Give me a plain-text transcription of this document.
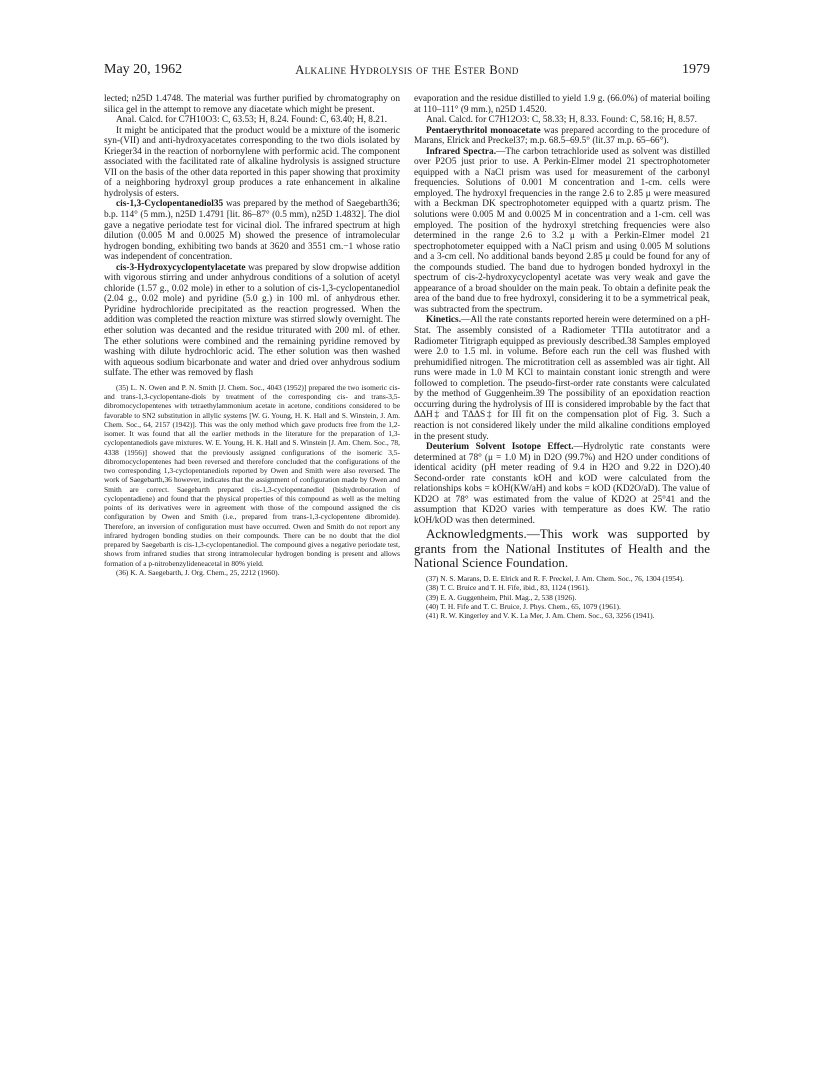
May 20, 1962	Alkaline Hydrolysis of the Ester Bond	1979

lected; n25D 1.4748. The material was further purified by chromatography on silica gel in the attempt to remove any diacetate which might be present.

Anal. Calcd. for C7H10O3: C, 63.53; H, 8.24. Found: C, 63.40; H, 8.21.

It might be anticipated that the product would be a mixture of the isomeric syn-(VII) and anti-hydroxyacetates corresponding to the two diols isolated by Krieger34 in the reaction of norbornylene with performic acid. The component associated with the facilitated rate of alkaline hydrolysis is assigned structure VII on the basis of the other data reported in this paper showing that proximity of a neighboring hydroxyl group produces a rate enhancement in alkaline hydrolysis of esters.

cis-1,3-Cyclopentanediol35 was prepared by the method of Saegebarth36; b.p. 114° (5 mm.), n25D 1.4791 [lit. 86–87° (0.5 mm), n25D 1.4832]. The diol gave a negative periodate test for vicinal diol. The infrared spectrum at high dilution (0.005 M and 0.0025 M) showed the presence of intramolecular hydrogen bonding, exhibiting two bands at 3620 and 3551 cm.−1 whose ratio was independent of concentration.

cis-3-Hydroxycyclopentylacetate was prepared by slow dropwise addition with vigorous stirring and under anhydrous conditions of a solution of acetyl chloride (1.57 g., 0.02 mole) in ether to a solution of cis-1,3-cyclopentanediol (2.04 g., 0.02 mole) and pyridine (5.0 g.) in 100 ml. of anhydrous ether. Pyridine hydrochloride precipitated as the reaction progressed. When the addition was completed the reaction mixture was stirred slowly overnight. The ether solution was decanted and the residue triturated with 200 ml. of ether. The ether solutions were combined and the remaining pyridine removed by washing with dilute hydrochloric acid. The ether solution was then washed with aqueous sodium bicarbonate and water and dried over anhydrous sodium sulfate. The ether was removed by flash

(35) L. N. Owen and P. N. Smith [J. Chem. Soc., 4043 (1952)] prepared the two isomeric cis- and trans-1,3-cyclopentane-diols by treatment of the corresponding cis- and trans-3,5-dibromocyclopentenes with tetraethylammonium acetate in acetone, conditions considered to be favorable to SN2 substitution in allylic systems [W. G. Young, H. K. Hall and S. Winstein, J. Am. Chem. Soc., 64, 2157 (1942)]. This was the only method which gave products free from the 1,2-isomer. It was found that all the earlier methods in the literature for the preparation of 1,3-cyclopentanediols gave mixtures. W. E. Young, H. K. Hall and S. Winstein [J. Am. Chem. Soc., 78, 4338 (1956)] showed that the previously assigned configurations of the isomeric 3,5-dibromocyclopentenes had been reversed and therefore concluded that the configurations of the two corresponding 1,3-cyclopentanediols reported by Owen and Smith were also reversed. The work of Saegebarth,36 however, indicates that the assignment of configuration made by Owen and Smith are correct. Saegebarth prepared cis-1,3-cyclopentanediol (bishydroboration of cyclopentadiene) and found that the physical properties of this compound as well as the melting points of its derivatives were in agreement with those of the compound assigned the cis configuration by Owen and Smith (i.e., prepared from trans-1,3-cyclopentene dibromide). Therefore, an inversion of configuration must have occurred. Owen and Smith do not report any infrared hydrogen bonding studies on their compounds. There can be no doubt that the diol prepared by Saegebarth is cis-1,3-cyclopentanediol. The compound gives a negative periodate test, shows from infrared studies that strong intramolecular hydrogen bonding is present and allows formation of a p-nitrobenzylideneacetal in 80% yield.

(36) K. A. Saegebarth, J. Org. Chem., 25, 2212 (1960).

evaporation and the residue distilled to yield 1.9 g. (66.0%) of material boiling at 110–111° (9 mm.), n25D 1.4520.

Anal. Calcd. for C7H12O3: C, 58.33; H, 8.33. Found: C, 58.16; H, 8.57.

Pentaerythritol monoacetate was prepared according to the procedure of Marans, Elrick and Preckel37; m.p. 68.5–69.5° (lit.37 m.p. 65–66°).

Infrared Spectra.—The carbon tetrachloride used as solvent was distilled over P2O5 just prior to use. A Perkin-Elmer model 21 spectrophotometer equipped with a NaCl prism was used for measurement of the carbonyl frequencies. Solutions of 0.001 M concentration and 1-cm. cells were employed. The hydroxyl frequencies in the range 2.6 to 2.85 μ were measured with a Beckman DK spectrophotometer equipped with a quartz prism. The solutions were 0.005 M and 0.0025 M in concentration and a 1-cm. cell was employed. The position of the hydroxyl stretching frequencies were also determined in the range 2.6 to 3.2 μ with a Perkin-Elmer model 21 spectrophotometer equipped with a NaCl prism and using 0.005 M solutions and a 3-cm cell. No additional bands beyond 2.85 μ could be found for any of the compounds studied. The band due to hydrogen bonded hydroxyl in the spectrum of cis-2-hydroxycyclopentyl acetate was very weak and gave the appearance of a broad shoulder on the main peak. To obtain a definite peak the area of the band due to free hydroxyl, considering it to be a symmetrical peak, was subtracted from the spectrum.

Kinetics.—All the rate constants reported herein were determined on a pH-Stat. The assembly consisted of a Radiometer TTIIa autotitrator and a Radiometer Titrigraph equipped as previously described.38 Samples employed were 2.0 to 1.5 ml. in volume. Before each run the cell was flushed with prehumidified nitrogen. The microtitration cell as assembled was air tight. All runs were made in 1.0 M KCl to maintain constant ionic strength and were followed to completion. The pseudo-first-order rate constants were calculated by the method of Guggenheim.39 The possibility of an epoxidation reaction occurring during the hydrolysis of III is considered improbable by the fact that ΔΔH‡ and TΔΔS‡ for III fit on the compensation plot of Fig. 3. Such a reaction is not considered likely under the mild alkaline conditions employed in the present study.

Deuterium Solvent Isotope Effect.—Hydrolytic rate constants were determined at 78° (μ = 1.0 M) in D2O (99.7%) and H2O under conditions of identical acidity (pH meter reading of 9.4 in H2O and 9.22 in D2O).40 Second-order rate constants kOH and kOD were calculated from the relationships kobs = kOH(KW/aH) and kobs = kOD (KD2O/aD). The value of KD2O at 78° was estimated from the value of KD2O at 25°41 and the assumption that KD2O varies with temperature as does KW. The ratio kOH/kOD was then determined.

Acknowledgments.—This work was supported by grants from the National Institutes of Health and the National Science Foundation.

(37) N. S. Marans, D. E. Elrick and R. F. Preckel, J. Am. Chem. Soc., 76, 1304 (1954).

(38) T. C. Bruice and T. H. Fife, ibid., 83, 1124 (1961).

(39) E. A. Guggenheim, Phil. Mag., 2, 538 (1926).

(40) T. H. Fife and T. C. Bruice, J. Phys. Chem., 65, 1079 (1961).

(41) R. W. Kingerley and V. K. La Mer, J. Am. Chem. Soc., 63, 3256 (1941).
